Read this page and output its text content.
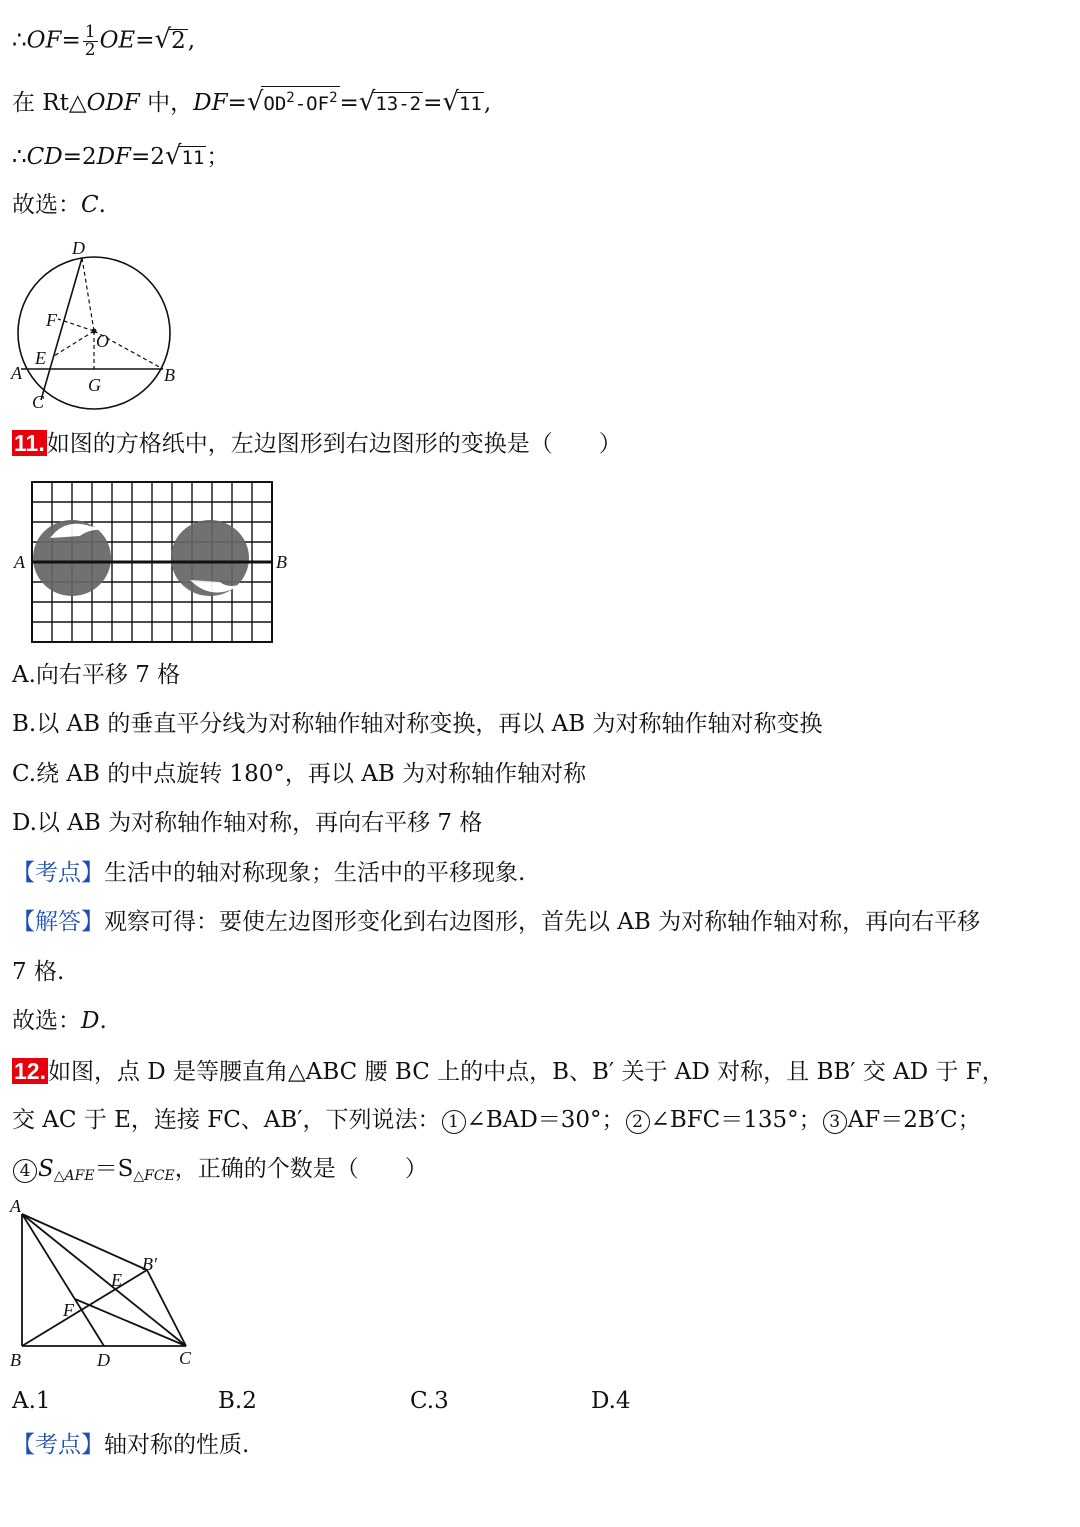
∴OF= $\frac{1}{2} OE=√2$,
在 Rt△ODF 中，$DF=√OD^2-OF^2=√13-2=√11$,
∴CD=2DF=2√11；
故选：C.
D
F
O
E
A
G	B
C
11.如图的方格纸中，左边图形到右边图形的变换是（　　）
A	B
A.向右平移 7 格
B.以 AB 的垂直平分线为对称轴作轴对称变换，再以 AB 为对称轴作轴对称变换
C.绕 AB 的中点旋转 180°，再以 AB 为对称轴作轴对称
D.以 AB 为对称轴作轴对称，再向右平移 7 格
【考点】生活中的轴对称现象；生活中的平移现象.
【解答】观察可得：要使左边图形变化到右边图形，首先以 AB 为对称轴作轴对称，再向右平移
7 格.
故选：D.
12.如图，点 D 是等腰直角△ABC 腰 BC 上的中点，B、B′ 关于 AD 对称，且 BB′ 交 AD 于 F，
交 AC 于 E，连接 FC、AB′，下列说法： 1 ∠BAD＝30°； 2 ∠BFC＝135°； 3 AF＝2B′C；
4 $S_{\triangle AFE}=S_{\triangle FCE}$，正确的个数是（　　）
A
B′
E
F
B	D	C
A.1	B.2	C.3	D.4
【考点】轴对称的性质.
